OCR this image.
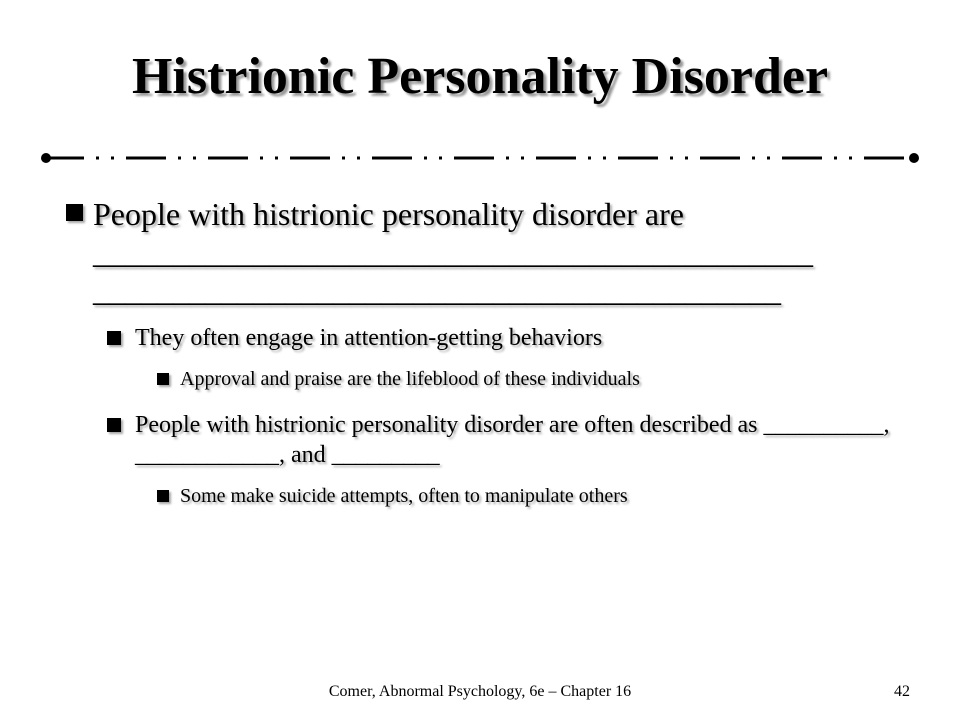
Histrionic Personality Disorder
People with histrionic personality disorder are _____________________________________________ ___________________________________________
They often engage in attention-getting behaviors
Approval and praise are the lifeblood of these individuals
People with histrionic personality disorder are often described as __________, ____________, and _________
Some make suicide attempts, often to manipulate others
Comer, Abnormal Psychology, 6e – Chapter 16	42
